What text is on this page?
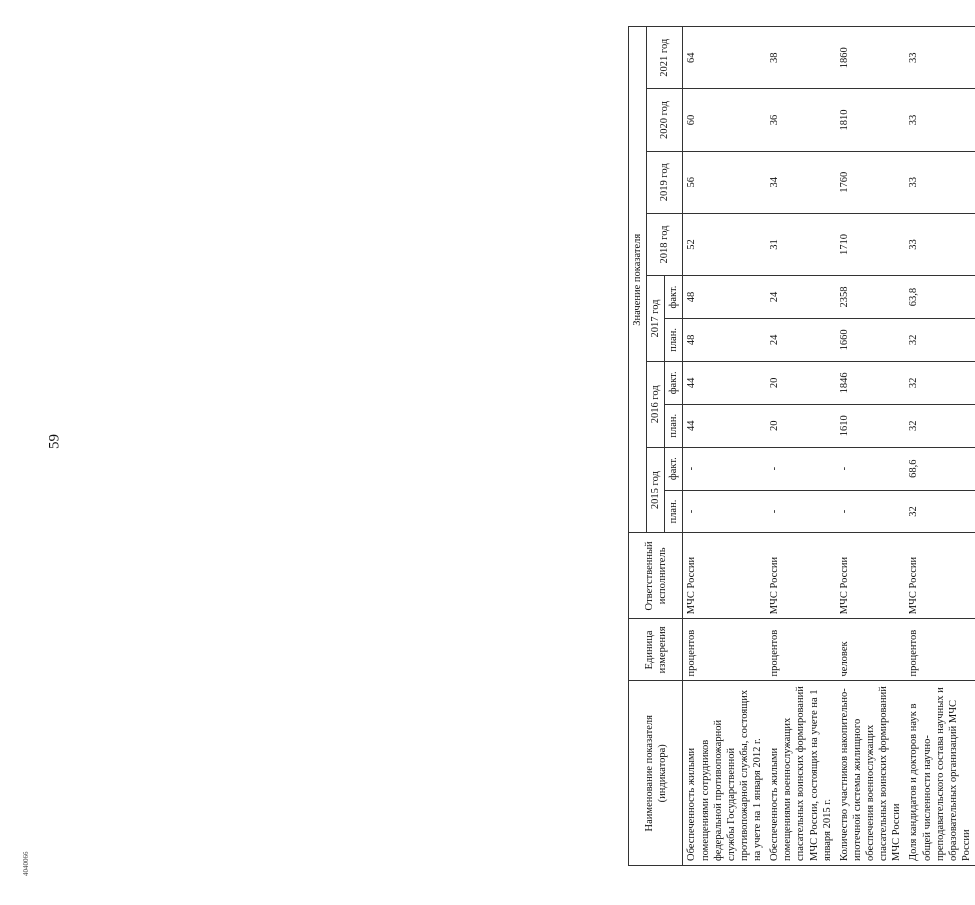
59
4040066
Наименование показателя (индикатора)	Единица измерения	Ответственный исполнитель	Значение показателя									
			2015 год		2016 год		2017 год		2018 год	2019 год	2020 год	2021 год
			план.	факт.	план.	факт.	план.	факт.				
Обеспеченность жилыми помещениями сотрудников федеральной противопожарной службы Государственной противопожарной службы, состоящих на учете на 1 января 2012 г.	процентов	МЧС России	-	-	44	44	48	48	52	56	60	64
Обеспеченность жилыми помещениями военнослужащих спасательных воинских формирований МЧС России, состоящих на учете на 1 января 2015 г.	процентов	МЧС России	-	-	20	20	24	24	31	34	36	38
Количество участников накопительно-ипотечной системы жилищного обеспечения военнослужащих спасательных воинских формирований МЧС России	человек	МЧС России	-	-	1610	1846	1660	2358	1710	1760	1810	1860
Доля кандидатов и докторов наук в общей численности научно-преподавательского состава научных и образовательных организаций МЧС России	процентов	МЧС России	32	68,6	32	32	32	63,8	33	33	33	33
